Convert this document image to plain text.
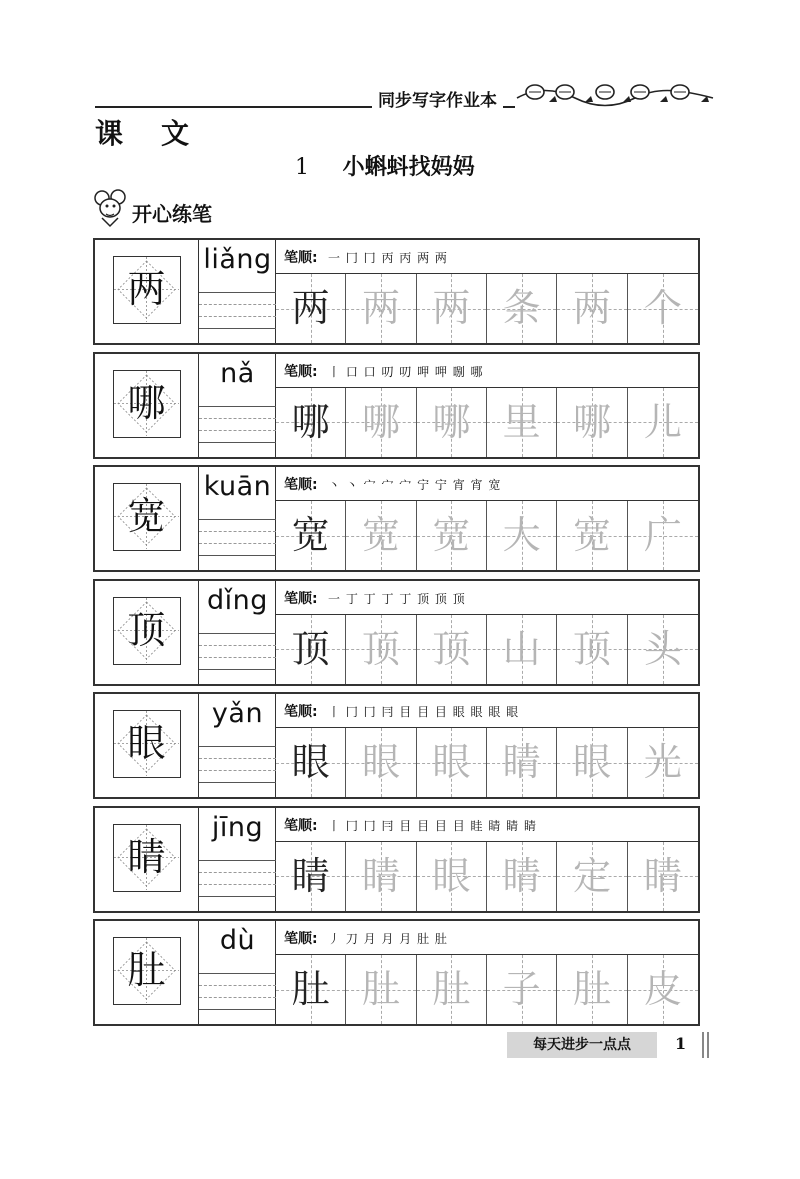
同步写字作业本
课文
1 小蝌蚪找妈妈
开心练笔
两
liǎng 笔顺: 一 冂 冂 丙 丙 两 两
两 两 两 条 两 个
哪
nǎ	笔顺: 丨 口 口 叨 叨 呷 呷 哵 哪
哪 哪 哪 里 哪 儿
宽
kuān 笔顺: 丶 丶 宀 宀 宀 宁 宁 宵 宵 宽
宽 宽 宽 大 宽 广
顶
dǐng	笔顺: 一 丁 丁 丁 丁 顶 顶 顶
顶 顶 顶 山 顶 头
眼
yǎn	笔顺: 丨 冂 冂 冃 目 目 目 眼 眼 眼 眼
眼 眼 眼 睛 眼 光
睛
jīng	笔顺: 丨 冂 冂 冃 目 目 目 目 眭 睛 睛 睛
睛 睛 眼 睛 定 睛
肚
dù	笔顺: 丿 刀 月 月 月 肚 肚
肚 肚 肚 子 肚 皮
每天进步一点点	1
